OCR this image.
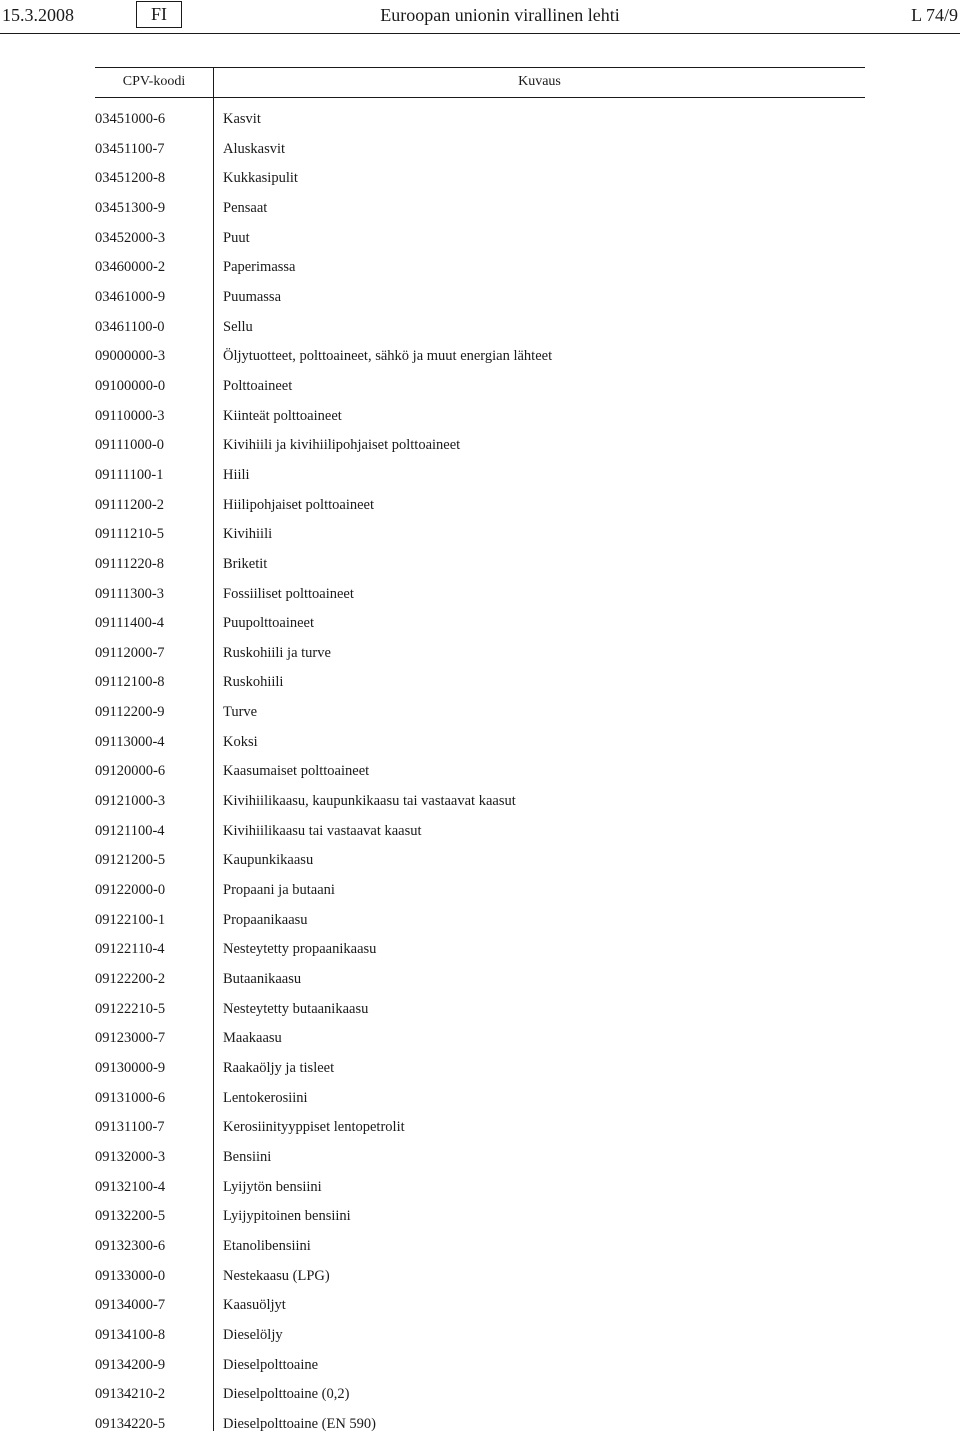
15.3.2008	FI	Euroopan unionin virallinen lehti	L 74/9
CPV-koodi	Kuvaus
03451000-6	Kasvit
03451100-7	Aluskasvit
03451200-8	Kukkasipulit
03451300-9	Pensaat
03452000-3	Puut
03460000-2	Paperimassa
03461000-9	Puumassa
03461100-0	Sellu
09000000-3	Öljytuotteet, polttoaineet, sähkö ja muut energian lähteet
09100000-0	Polttoaineet
09110000-3	Kiinteät polttoaineet
09111000-0	Kivihiili ja kivihiilipohjaiset polttoaineet
09111100-1	Hiili
09111200-2	Hiilipohjaiset polttoaineet
09111210-5	Kivihiili
09111220-8	Briketit
09111300-3	Fossiiliset polttoaineet
09111400-4	Puupolttoaineet
09112000-7	Ruskohiili ja turve
09112100-8	Ruskohiili
09112200-9	Turve
09113000-4	Koksi
09120000-6	Kaasumaiset polttoaineet
09121000-3	Kivihiilikaasu, kaupunkikaasu tai vastaavat kaasut
09121100-4	Kivihiilikaasu tai vastaavat kaasut
09121200-5	Kaupunkikaasu
09122000-0	Propaani ja butaani
09122100-1	Propaanikaasu
09122110-4	Nesteytetty propaanikaasu
09122200-2	Butaanikaasu
09122210-5	Nesteytetty butaanikaasu
09123000-7	Maakaasu
09130000-9	Raakaöljy ja tisleet
09131000-6	Lentokerosiini
09131100-7	Kerosiinityyppiset lentopetrolit
09132000-3	Bensiini
09132100-4	Lyijytön bensiini
09132200-5	Lyijypitoinen bensiini
09132300-6	Etanolibensiini
09133000-0	Nestekaasu (LPG)
09134000-7	Kaasuöljyt
09134100-8	Dieselöljy
09134200-9	Dieselpolttoaine
09134210-2	Dieselpolttoaine (0,2)
09134220-5	Dieselpolttoaine (EN 590)
